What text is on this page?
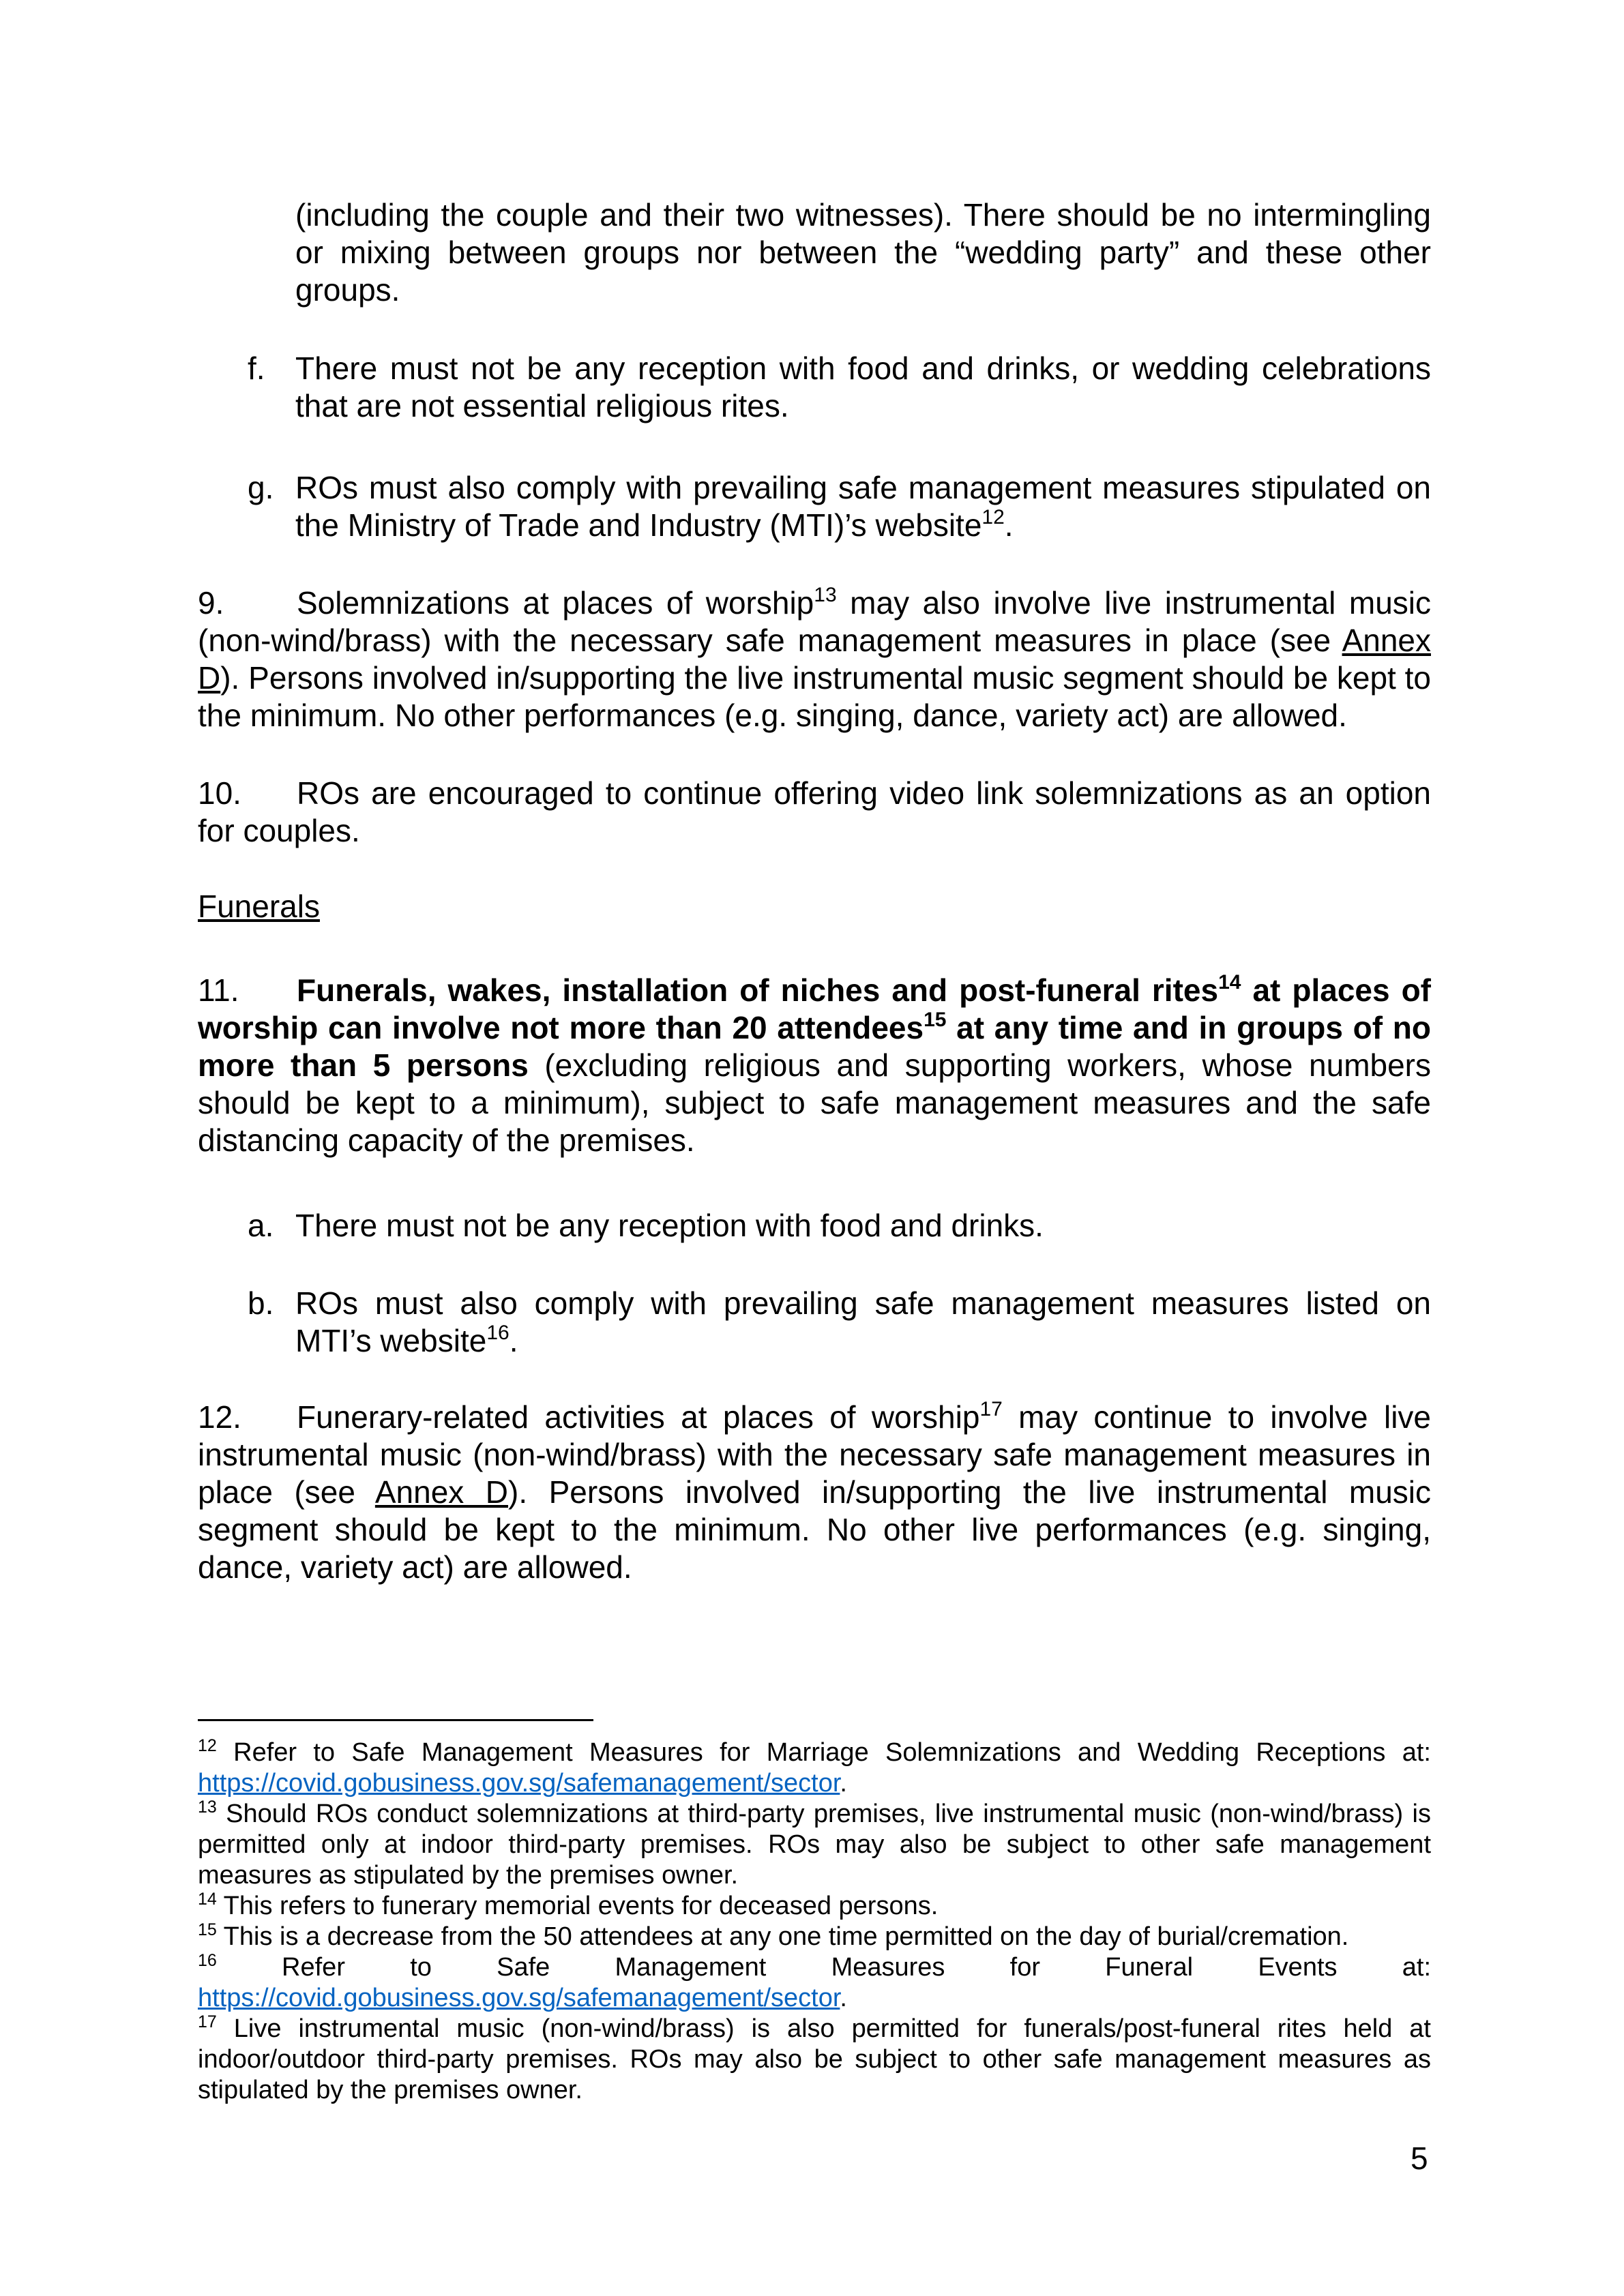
(including the couple and their two witnesses). There should be no intermingling or mixing between groups nor between the “wedding party” and these other groups.

f. There must not be any reception with food and drinks, or wedding celebrations that are not essential religious rites.

g. ROs must also comply with prevailing safe management measures stipulated on the Ministry of Trade and Industry (MTI)’s website$^{12}$.

9. Solemnizations at places of worship$^{13}$ may also involve live instrumental music (non-wind/brass) with the necessary safe management measures in place (see Annex D). Persons involved in/supporting the live instrumental music segment should be kept to the minimum. No other performances (e.g. singing, dance, variety act) are allowed.

10. ROs are encouraged to continue offering video link solemnizations as an option for couples.

Funerals

11. Funerals, wakes, installation of niches and post-funeral rites$^{14}$ at places of worship can involve not more than 20 attendees$^{15}$ at any time and in groups of no more than 5 persons (excluding religious and supporting workers, whose numbers should be kept to a minimum), subject to safe management measures and the safe distancing capacity of the premises.

a. There must not be any reception with food and drinks.

b. ROs must also comply with prevailing safe management measures listed on MTI’s website$^{16}$.

12. Funerary-related activities at places of worship$^{17}$ may continue to involve live instrumental music (non-wind/brass) with the necessary safe management measures in place (see Annex D). Persons involved in/supporting the live instrumental music segment should be kept to the minimum. No other live performances (e.g. singing, dance, variety act) are allowed.

$^{12}$ Refer to Safe Management Measures for Marriage Solemnizations and Wedding Receptions at: https://covid.gobusiness.gov.sg/safemanagement/sector.

$^{13}$ Should ROs conduct solemnizations at third-party premises, live instrumental music (non-wind/brass) is permitted only at indoor third-party premises. ROs may also be subject to other safe management measures as stipulated by the premises owner.

$^{14}$ This refers to funerary memorial events for deceased persons.

$^{15}$ This is a decrease from the 50 attendees at any one time permitted on the day of burial/cremation.

$^{16}$ Refer to Safe Management Measures for Funeral Events at: https://covid.gobusiness.gov.sg/safemanagement/sector.

$^{17}$ Live instrumental music (non-wind/brass) is also permitted for funerals/post-funeral rites held at indoor/outdoor third-party premises. ROs may also be subject to other safe management measures as stipulated by the premises owner.

5
